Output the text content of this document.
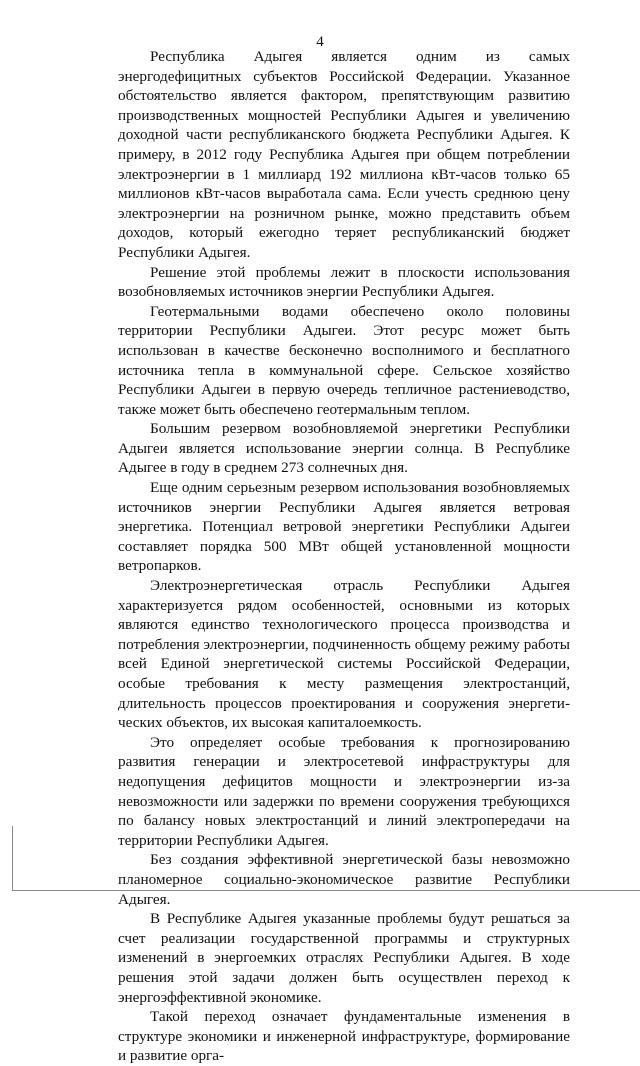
4

Республика Адыгея является одним из самых энергодефицитных субъектов Российской Федерации. Указанное обстоятельство является фактором, препятствующим развитию производственных мощностей Республики Адыгея и увеличению доходной части республиканского бюджета Республики Адыгея. К примеру, в 2012 году Республика Адыгея при общем потреблении электроэнергии в 1 миллиард 192 миллиона кВт-часов только 65 миллионов кВт-часов выработала сама. Если учесть среднюю цену электроэнергии на розничном рынке, можно представить объем доходов, который ежегодно теряет республиканский бюджет Республики Адыгея.

Решение этой проблемы лежит в плоскости использования возобновляемых источников энергии Республики Адыгея.

Геотермальными водами обеспечено около половины территории Республики Адыгеи. Этот ресурс может быть использован в качестве бесконечно восполнимого и бесплатного источника тепла в коммунальной сфере. Сельское хозяйство Республики Адыгеи в первую очередь тепличное растениеводство, также может быть обеспечено геотермальным теплом.

Большим резервом возобновляемой энергетики Республики Адыгеи является использование энергии солнца. В Республике Адыгее в году в среднем 273 солнечных дня.

Еще одним серьезным резервом использования возобновляемых источников энергии Республики Адыгея является ветровая энергетика. Потенциал ветровой энергетики Республики Адыгеи составляет порядка 500 МВт общей установленной мощности ветропарков.

Электроэнергетическая отрасль Республики Адыгея характеризуется рядом особенностей, основными из которых являются единство технологического процесса производства и потребления электроэнергии, подчиненность общему режиму работы всей Единой энергетической системы Российской Федерации, особые требования к месту размещения электростанций, длительность процессов проектирования и сооружения энергетических объектов, их высокая капиталоемкость.

Это определяет особые требования к прогнозированию развития генерации и электросетевой инфраструктуры для недопущения дефицитов мощности и электроэнергии из-за невозможности или задержки по времени сооружения требующихся по балансу новых электростанций и линий электропередачи на территории Республики Адыгея.

Без создания эффективной энергетической базы невозможно планомерное социально-экономическое развитие Республики Адыгея.

В Республике Адыгея указанные проблемы будут решаться за счет реализации государственной программы и структурных изменений в энергоемких отраслях Республики Адыгея. В ходе решения этой задачи должен быть осуществлен переход к энергоэффективной экономике.

Такой переход означает фундаментальные изменения в структуре экономики и инженерной инфраструктуре, формирование и развитие орга-
